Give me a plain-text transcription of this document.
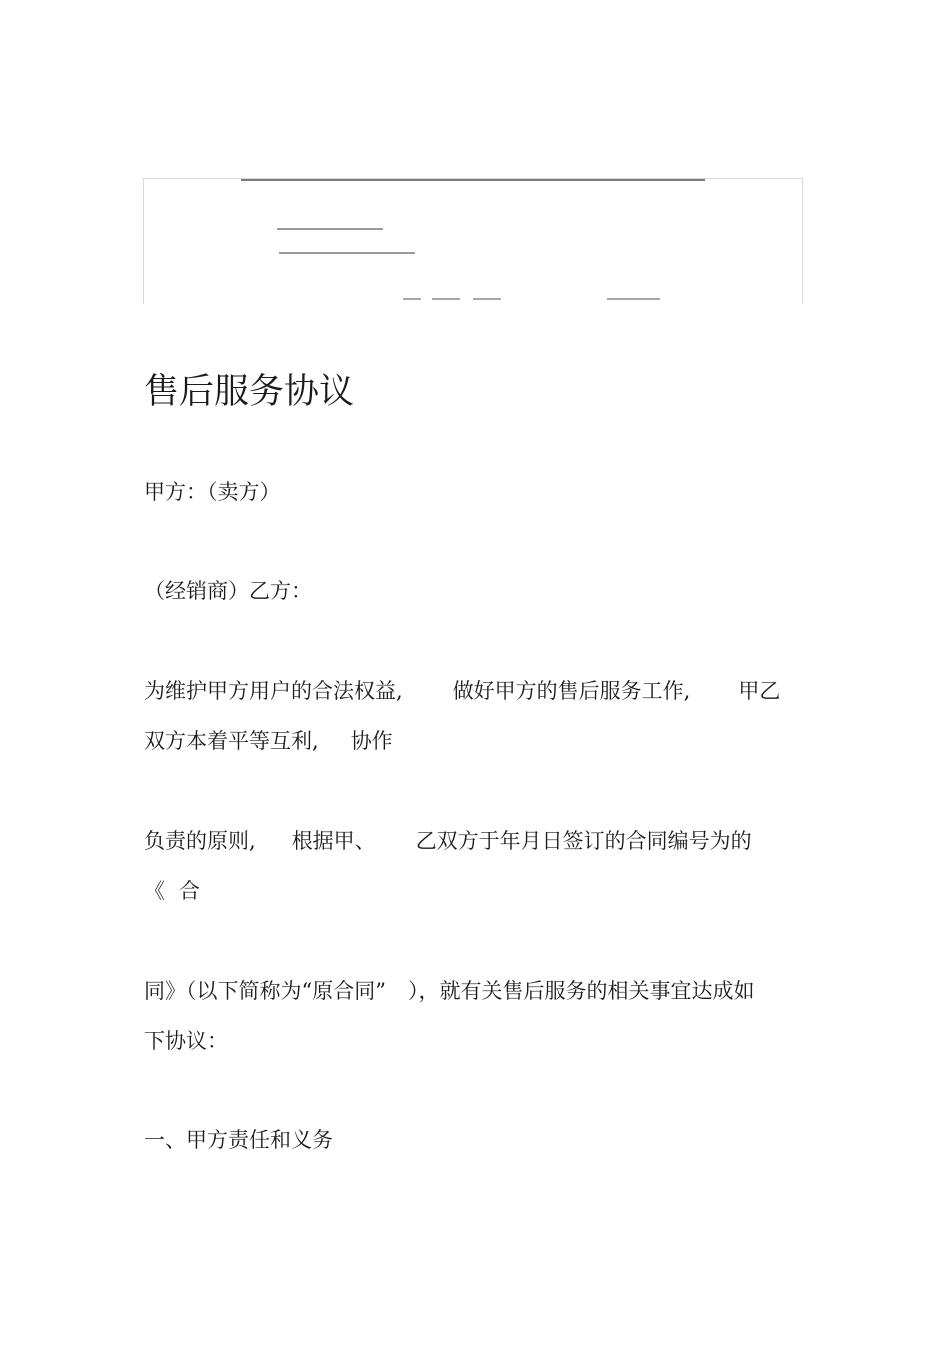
售后服务协议

甲方：（卖方）

（经销商）乙方：

为维护甲方用户的合法权益, 做好甲方的售后服务工作, 甲乙

双方本着平等互利, 协作

负责的原则, 根据甲、 乙双方于年月日签订的合同编号为的

《 合

同》（以下简称为“原合同” ），就有关售后服务的相关事宜达成如

下协议：

一、甲方责任和义务
